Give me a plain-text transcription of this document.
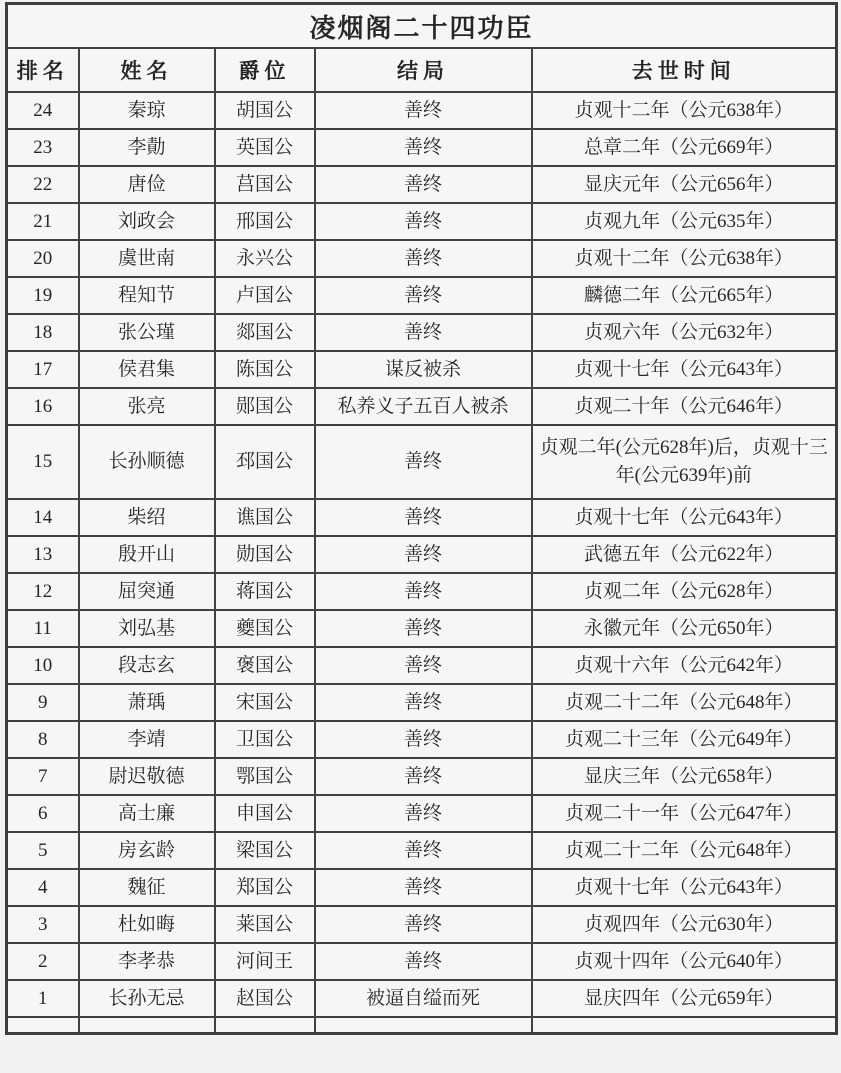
凌烟阁二十四功臣				
排名	姓名	爵位	结局	去世时间
24	秦琼	胡国公	善终	贞观十二年（公元638年）
23	李勣	英国公	善终	总章二年（公元669年）
22	唐俭	莒国公	善终	显庆元年（公元656年）
21	刘政会	邢国公	善终	贞观九年（公元635年）
20	虞世南	永兴公	善终	贞观十二年（公元638年）
19	程知节	卢国公	善终	麟德二年（公元665年）
18	张公瑾	郯国公	善终	贞观六年（公元632年）
17	侯君集	陈国公	谋反被杀	贞观十七年（公元643年）
16	张亮	郧国公	私养义子五百人被杀	贞观二十年（公元646年）
15	长孙顺德	邳国公	善终	贞观二年(公元628年)后，贞观十三年(公元639年)前
14	柴绍	谯国公	善终	贞观十七年（公元643年）
13	殷开山	勋国公	善终	武德五年（公元622年）
12	屈突通	蒋国公	善终	贞观二年（公元628年）
11	刘弘基	夔国公	善终	永徽元年（公元650年）
10	段志玄	褒国公	善终	贞观十六年（公元642年）
9	萧瑀	宋国公	善终	贞观二十二年（公元648年）
8	李靖	卫国公	善终	贞观二十三年（公元649年）
7	尉迟敬德	鄂国公	善终	显庆三年（公元658年）
6	高士廉	申国公	善终	贞观二十一年（公元647年）
5	房玄龄	梁国公	善终	贞观二十二年（公元648年）
4	魏征	郑国公	善终	贞观十七年（公元643年）
3	杜如晦	莱国公	善终	贞观四年（公元630年）
2	李孝恭	河间王	善终	贞观十四年（公元640年）
1	长孙无忌	赵国公	被逼自缢而死	显庆四年（公元659年）
